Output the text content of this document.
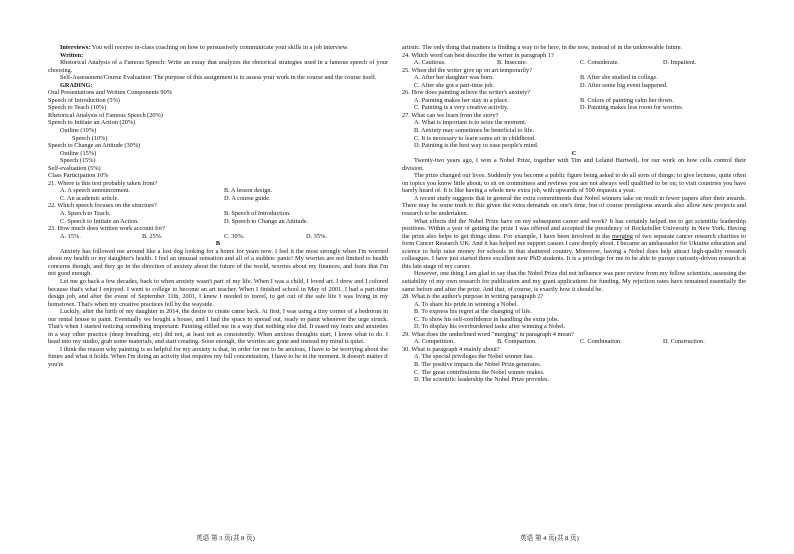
Interviews: You will receive in-class coaching on how to persuasively communicate your skills in a job interview.

Written:

Rhetorical Analysis of a Famous Speech: Write an essay that analyzes the rhetorical strategies used in a famous speech of your choosing.

Self-Assessment/Course Evaluation: The purpose of this assignment is to assess your work in the course and the course itself.

GRADING:

Oral Presentations and Written Components 90%

Speech of Introduction (5%)

Speech to Teach (10%)

Rhetorical Analysis of Famous Speech (20%)

Speech to Initiate an Action (20%)

Outline (10%)

Speech (10%)

Speech to Change an Attitude (30%)

Outline (15%)

Speech (15%)

Self-evaluation (5%)

Class Participation 10%

21. Where is this text probably taken from?

A. A speech announcement.	B. A lesson design.
C. An academic article.	D. A course guide.

22. Which speech focuses on the structure?

A. Speech to Teach.	B. Speech of Introduction.
C. Speech to Initiate an Action.	D. Speech to Change an Attitude.

23. How much does written work account for?

A. 15%.	B. 25%.	C. 30%.	D. 35%.

B

Anxiety has followed me around like a lost dog looking for a home for years now. I feel it the most strongly when I'm worried about my health or my daughter's health. I feel an unusual sensation and all of a sudden: panic! My worries are not limited to health concerns though, and they go in the direction of anxiety about the future of the world, worries about my finances, and fears that I'm not good enough.

Let me go back a few decades, back to when anxiety wasn't part of my life. When I was a child, I loved art. I drew and I colored because that's what I enjoyed. I went to college to become an art teacher. When I finished school in May of 2001, I had a part-time design job, and after the event of September 11th, 2001, I knew I needed to travel, to get out of the safe life I was living in my hometown. That's when my creative practices fell by the wayside.

Luckily, after the birth of my daughter in 2014, the desire to create came back. At first, I was using a tiny corner of a bedroom in our rental house to paint. Eventually we bought a house, and I had the space to spread out, ready to paint whenever the urge struck. That's when I started noticing something important: Painting stilled me in a way that nothing else did. It eased my fears and anxieties in a way other practice (deep breathing, etc) did not, at least not as consistently. When anxious thoughts start, I know what to do. I head into my studio, grab some materials, and start creating. Soon enough, the worries are gone and instead my mind is quiet.

I think the reason why painting is so helpful for my anxiety is that, in order for me to be anxious, I have to be worrying about the future and what it holds. When I'm doing an activity that requires my full concentration, I have to be in the moment. It doesn't matter if you're

artistic. The only thing that matters is finding a way to be here, in the now, instead of in the unknowable future.

24. Which word can best describe the writer in paragraph 1?

A. Cautious.	B. Insecure.	C. Considerate.	D. Impatient.

25. When did the writer give up on art temporarily?

A. After her daughter was born.	B. After she studied in college.
C. After she got a part-time job.	D. After some big event happened.

26. How does painting relieve the writer's anxiety?

A. Painting makes her stay in a place.	B. Colors of painting calm her down.
C. Painting is a very creative activity.	D. Painting makes less room for worries.

27. What can we learn from the story?

A. What is important is to seize the moment.

B. Anxiety may sometimes be beneficial to life.

C. It is necessary to learn some art in childhood.

D. Painting is the best way to ease people's mind.

C

Twenty-two years ago, I won a Nobel Prize, together with Tim and Leland Hartwell, for our work on how cells control their division.

The prize changed our lives. Suddenly you become a public figure being asked to do all sorts of things: to give lectures, quite often on topics you know little about; to sit on committees and reviews you are not always well qualified to be on; to visit countries you have barely heard of. It is like having a whole new extra job, with upwards of 500 requests a year.

A recent study suggests that in general the extra commitments that Nobel winners take on result in fewer papers after their awards. There may be some truth to this given the extra demands on one's time, but of course prestigious awards also allow new projects and research to be undertaken.

What effects did the Nobel Prize have on my subsequent career and work? It has certainly helped me to get scientific leadership positions. Within a year of getting the prize I was offered and accepted the presidency of Rockefeller University in New York. Having the prize also helps to get things done. For example, I have been involved in the merging of two separate cancer research charities to form Cancer Research UK. And it has helped me support causes I care deeply about. I became an ambassador for Ukraine education and science to help raise money for schools in that shattered country. Moreover, having a Nobel does help attract high-quality research colleagues. I have just started three excellent new PhD students. It is a privilege for me to be able to pursue curiosity-driven research at this late stage of my career.

However, one thing I am glad to say that the Nobel Prize did not influence was peer review from my fellow scientists, assessing the suitability of my own research for publication and my grant applications for funding. My rejection rates have remained essentially the same before and after the prize. And that, of course, is exactly how it should be.

28. What is the author's purpose in writing paragraph 2?

A. To share his pride in winning a Nobel.

B. To express his regret at the changing of life.

C. To show his self-confidence in handling the extra jobs.

D. To display his overburdened tasks after winning a Nobel.

29. What does the underlined word "merging" in paragraph 4 mean?

A. Competition.	B. Comparison.	C. Combination.	D. Construction.

30. What is paragraph 4 mainly about?

A. The special privileges the Nobel winner has.

B. The positive impacts the Nobel Prize generates.

C. The great contributions the Nobel winner makes.

D. The scientific leadership the Nobel Prize provides.

英语 第 3 页(共 8 页)	英语 第 4 页(共 8 页)
